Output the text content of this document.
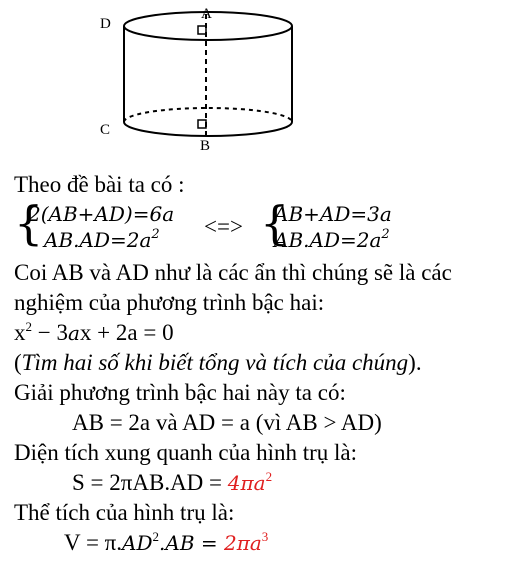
A
B
C
D
Theo đề bài ta có :
{
2(AB+AD)=6a
$AB.AD=2a^2$ <=> {
AB+AD=3a
$AB.AD=2a^2$
Coi AB và AD như là các ẩn thì chúng sẽ là các
nghiệm của phương trình bậc hai:
$x^2 - 3ax + 2a = 0$
(Tìm hai số khi biết tổng và tích của chúng).
Giải phương trình bậc hai này ta có:
AB = 2a và AD = a (vì AB > AD)
Diện tích xung quanh của hình trụ là:
$S = 2\pi AB.AD = 4\pi a^2$
Thể tích của hình trụ là:
$V = \pi.AD^2.AB = 2\pi a^3$
